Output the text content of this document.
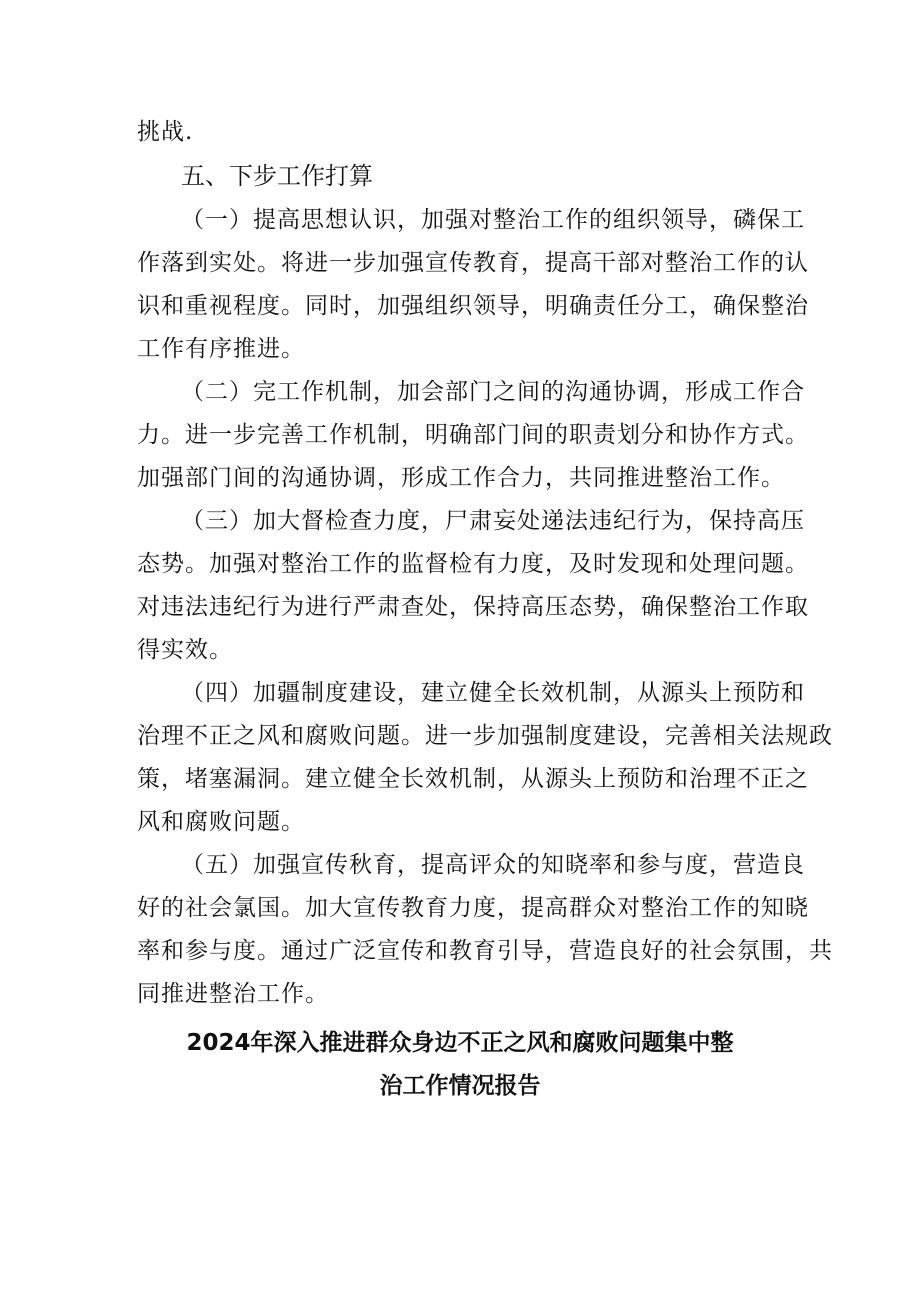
挑战.
五、下步工作打算
（一）提高思想认识，加强对整治工作的组织领导，磷保工
作落到实处。将进一步加强宣传教育，提高干部对整治工作的认
识和重视程度。同时，加强组织领导，明确责任分工，确保整治
工作有序推进。
（二）完工作机制，加会部门之间的沟通协调，形成工作合
力。进一步完善工作机制，明确部门间的职责划分和协作方式。
加强部门间的沟通协调，形成工作合力，共同推进整治工作。
（三）加大督检查力度，尸肃妄处递法违纪行为，保持高压
态势。加强对整治工作的监督检有力度，及时发现和处理问题。
对违法违纪行为进行严肃查处，保持高压态势，确保整治工作取
得实效。
（四）加疆制度建设，建立健全长效机制，从源头上预防和
治理不正之风和腐败问题。进一步加强制度建设，完善相关法规政
策，堵塞漏洞。建立健全长效机制，从源头上预防和治理不正之
风和腐败问题。
（五）加强宣传秋育，提高评众的知晓率和参与度，营造良
好的社会氯国。加大宣传教育力度，提高群众对整治工作的知晓
率和参与度。通过广泛宣传和教育引导，营造良好的社会氛围，共
同推进整治工作。
2024年深入推进群众身边不正之风和腐败问题集中整
治工作情况报告
